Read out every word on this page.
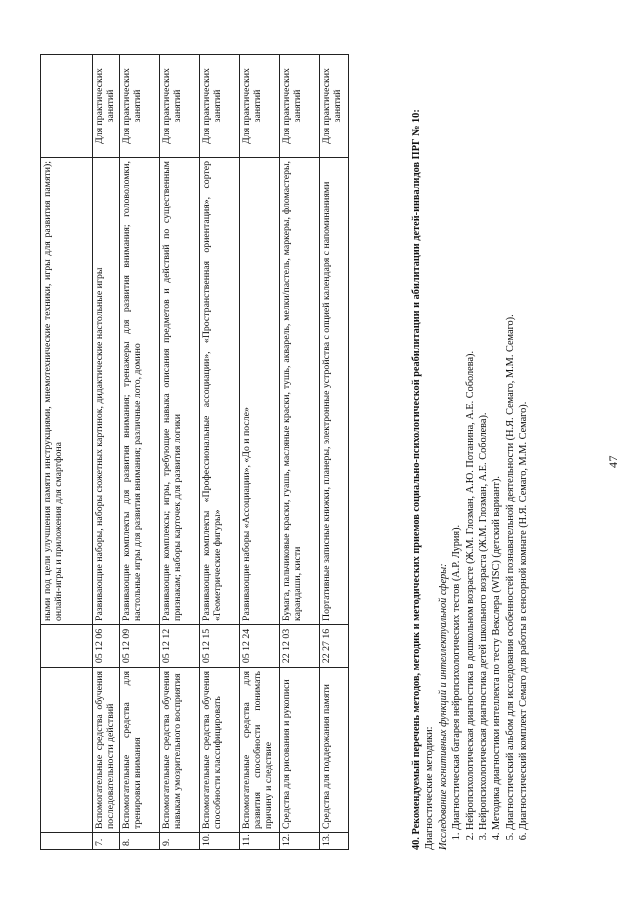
47
			ными под цели улучшения памяти инструкциями, мнемотехнические техники, игры для развития памяти); онлайн-игры и приложения для смартфона	
7.	Вспомогательные средства обучения последовательности действий	05 12 06	Развивающие наборы, наборы сюжетных картинок, дидактические настольные игры	Для практических занятий
8.	Вспомогательные средства для тренировки внимания	05 12 09	Развивающие комплекты для развития внимания; тренажеры для развития внимания; головоломки, настольные игры для развития внимания; различные лото, домино	Для практических занятий
9.	Вспомогательные средства обучения навыкам умозрительного восприятия	05 12 12	Развивающие комплексы; игры, требующие навыка описания предметов и действий по существенным признакам; наборы карточек для развития логики	Для практических занятий
10.	Вспомогательные средства обучения способности классифицировать	05 12 15	Развивающие комплекты «Профессиональные ассоциации», «Пространственная ориентация», сортер «Геометрические фигуры»	Для практических занятий
11.	Вспомогательные средства для развития способности понимать причину и следствие	05 12 24	Развивающие наборы «Ассоциации», «До и после»	Для практических занятий
12.	Средства для рисования и рукописи	22 12 03	Бумага, пальчиковые краски, гуашь, масляные краски, тушь, акварель, мелки/пастель, маркеры, фломастеры, карандаши, кисти	Для практических занятий
13.	Средства для поддержания памяти	22 27 16	Портативные записные книжки, планеры, электронные устройства с опцией календаря с напоминаниями	Для практических занятий

40. Рекомендуемый перечень методов, методик и методических приемов социально-психологической реабилитации и абилитации детей-инвалидов ПРГ № 10: Диагностические методики: Исследование когнитивных функций и интеллектуальной сферы: 1. Диагностическая батарея нейропсихологических тестов (А.Р. Лурия). 2. Нейропсихологическая диагностика в дошкольном возрасте (Ж.М. Глозман, А.Ю. Потанина, А.Е. Соболева). 3. Нейропсихологическая диагностика детей школьного возраста (Ж.М. Глозман, А.Е. Соболева). 4. Методика диагностики интеллекта по тесту Векслера (WISC) (детский вариант). 5. Диагностический альбом для исследования особенностей познавательной деятельности (Н.Я. Семаго, М.М. Семаго). 6. Диагностический комплект Семаго для работы в сенсорной комнате (Н.Я. Семаго, М.М. Семаго).
